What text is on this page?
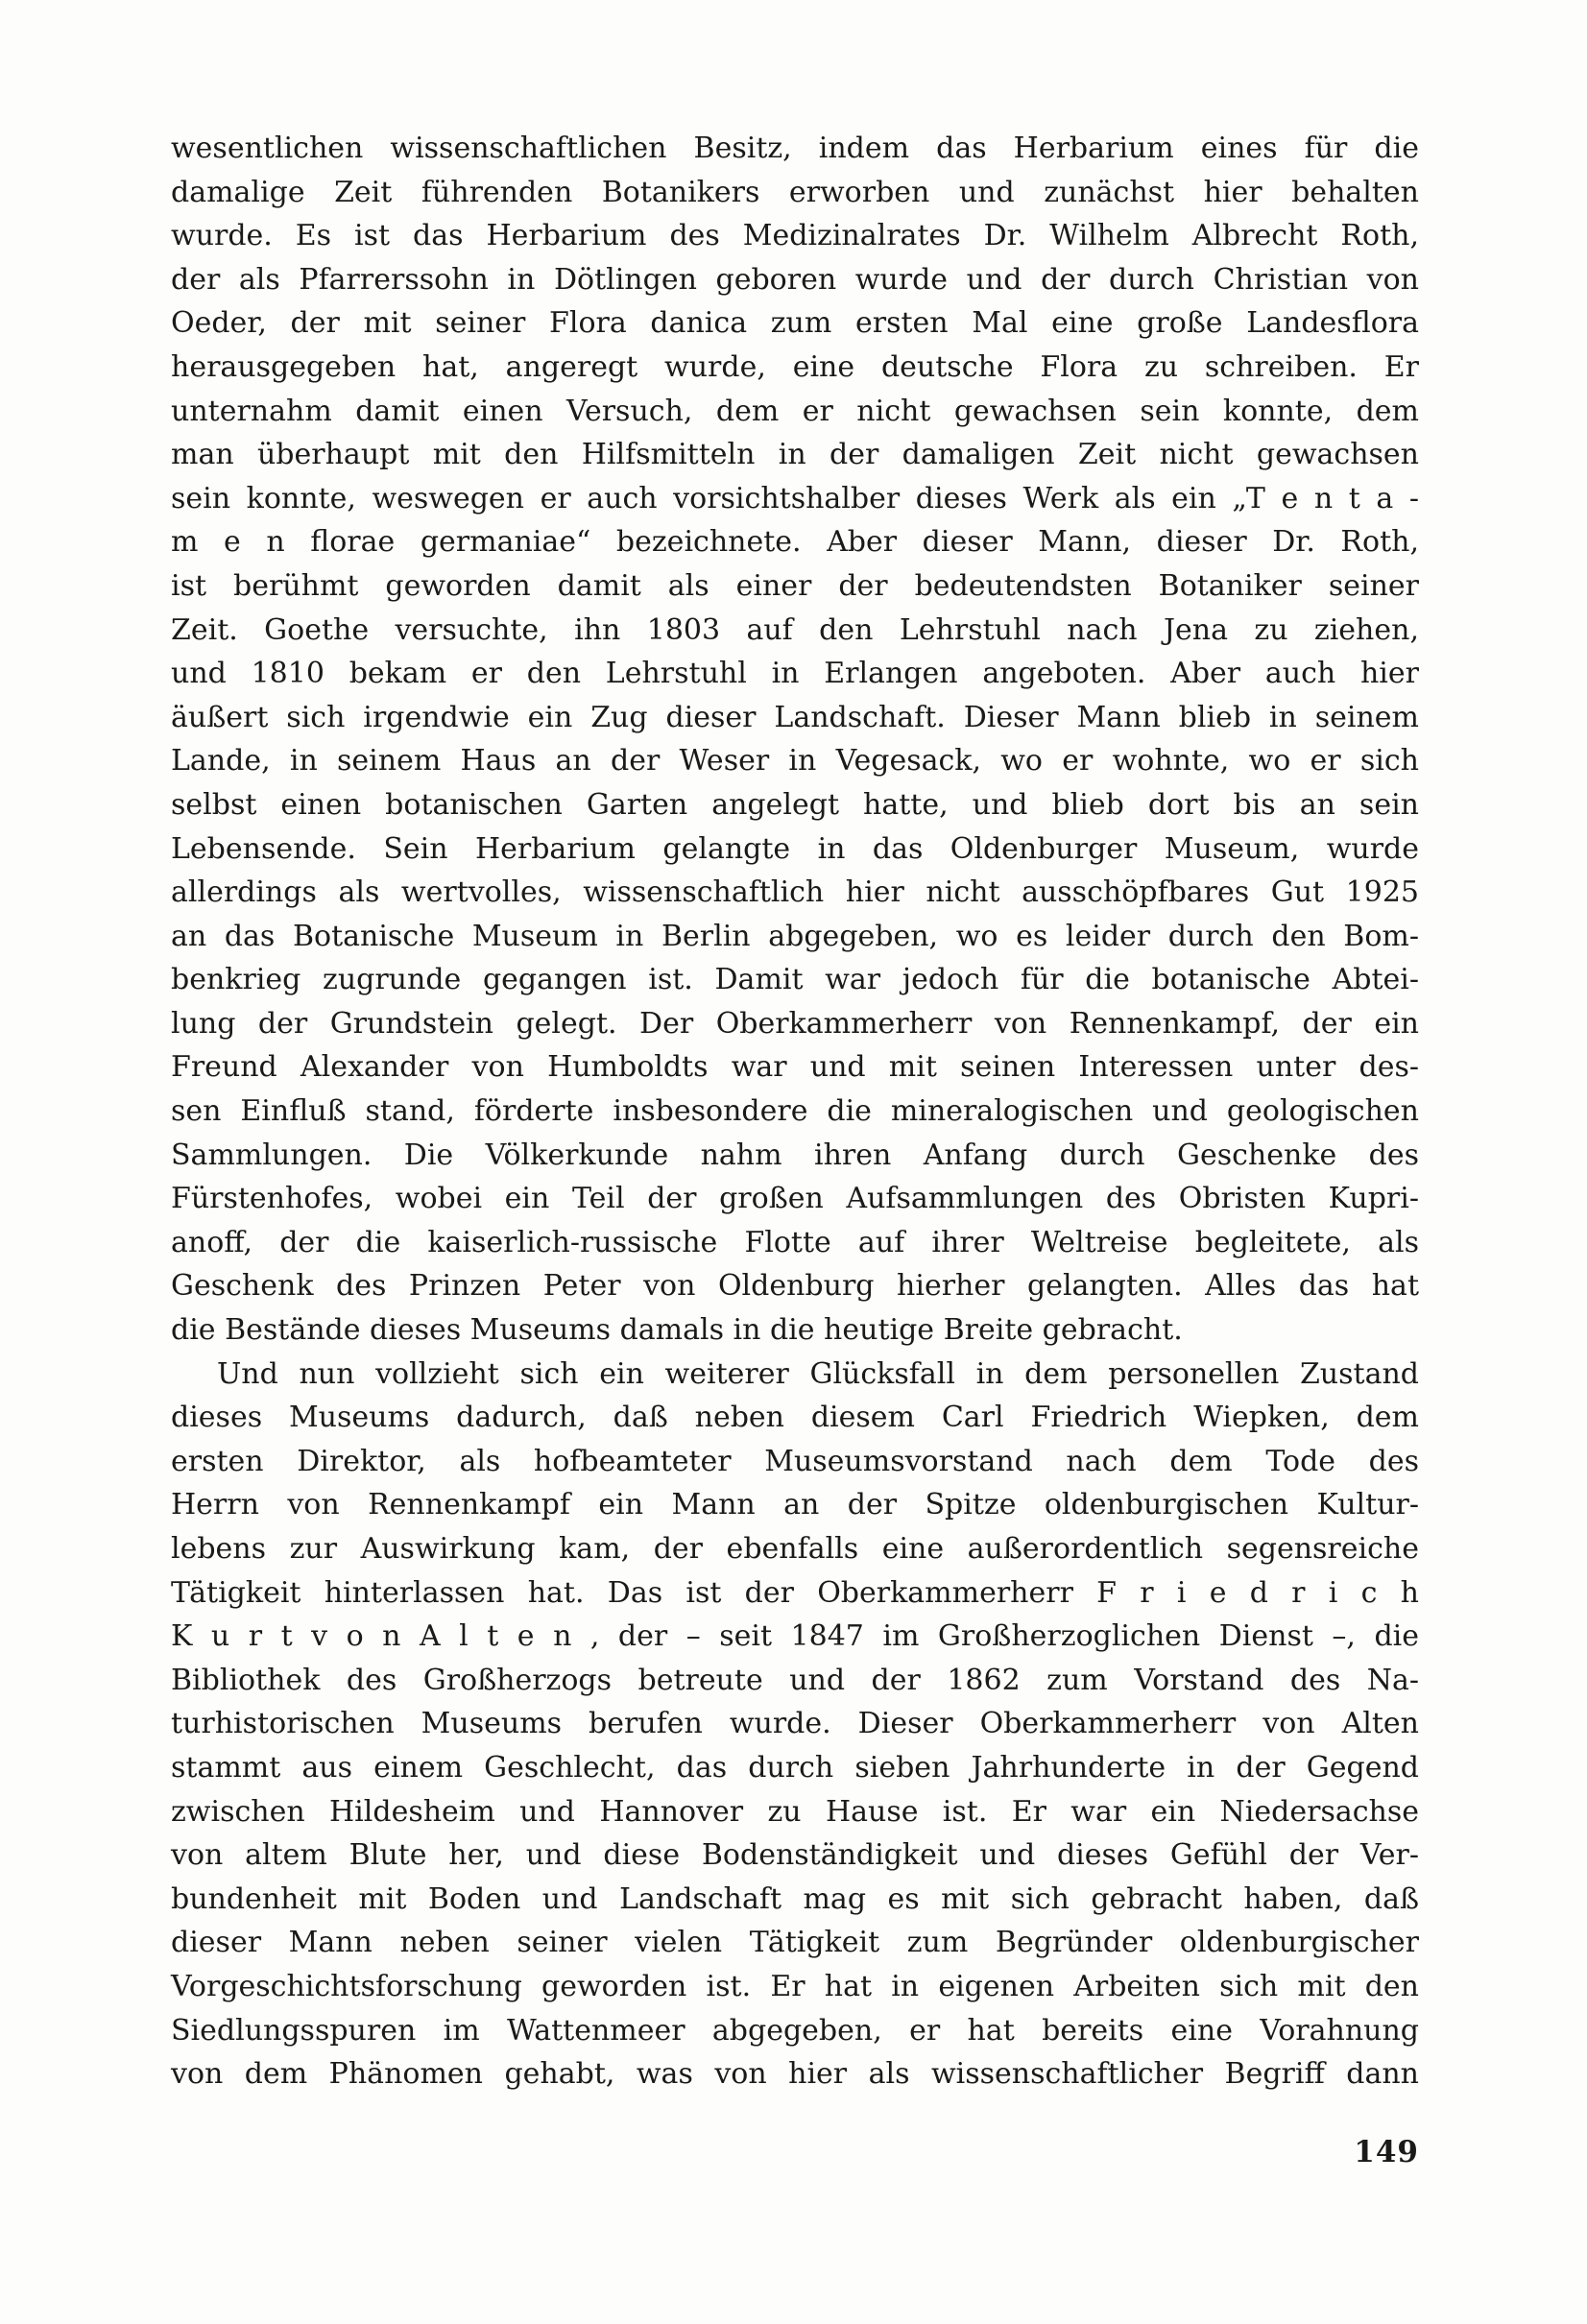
wesentlichen wissenschaftlichen Besitz, indem das Herbarium eines für die
damalige Zeit führenden Botanikers erworben und zunächst hier behalten
wurde. Es ist das Herbarium des Medizinalrates Dr. Wilhelm Albrecht Roth,
der als Pfarrerssohn in Dötlingen geboren wurde und der durch Christian von
Oeder, der mit seiner Flora danica zum ersten Mal eine große Landesflora
herausgegeben hat, angeregt wurde, eine deutsche Flora zu schreiben. Er
unternahm damit einen Versuch, dem er nicht gewachsen sein konnte, dem
man überhaupt mit den Hilfsmitteln in der damaligen Zeit nicht gewachsen
sein konnte, weswegen er auch vorsichtshalber dieses Werk als ein „T e n t a -
m e n florae germaniae“ bezeichnete. Aber dieser Mann, dieser Dr. Roth,
ist berühmt geworden damit als einer der bedeutendsten Botaniker seiner
Zeit. Goethe versuchte, ihn 1803 auf den Lehrstuhl nach Jena zu ziehen,
und 1810 bekam er den Lehrstuhl in Erlangen angeboten. Aber auch hier
äußert sich irgendwie ein Zug dieser Landschaft. Dieser Mann blieb in seinem
Lande, in seinem Haus an der Weser in Vegesack, wo er wohnte, wo er sich
selbst einen botanischen Garten angelegt hatte, und blieb dort bis an sein
Lebensende. Sein Herbarium gelangte in das Oldenburger Museum, wurde
allerdings als wertvolles, wissenschaftlich hier nicht ausschöpfbares Gut 1925
an das Botanische Museum in Berlin abgegeben, wo es leider durch den Bom-
benkrieg zugrunde gegangen ist. Damit war jedoch für die botanische Abtei-
lung der Grundstein gelegt. Der Oberkammerherr von Rennenkampf, der ein
Freund Alexander von Humboldts war und mit seinen Interessen unter des-
sen Einfluß stand, förderte insbesondere die mineralogischen und geologischen
Sammlungen. Die Völkerkunde nahm ihren Anfang durch Geschenke des
Fürstenhofes, wobei ein Teil der großen Aufsammlungen des Obristen Kupri-
anoff, der die kaiserlich-russische Flotte auf ihrer Weltreise begleitete, als
Geschenk des Prinzen Peter von Oldenburg hierher gelangten. Alles das hat
die Bestände dieses Museums damals in die heutige Breite gebracht.
Und nun vollzieht sich ein weiterer Glücksfall in dem personellen Zustand
dieses Museums dadurch, daß neben diesem Carl Friedrich Wiepken, dem
ersten Direktor, als hofbeamteter Museumsvorstand nach dem Tode des
Herrn von Rennenkampf ein Mann an der Spitze oldenburgischen Kultur-
lebens zur Auswirkung kam, der ebenfalls eine außerordentlich segensreiche
Tätigkeit hinterlassen hat. Das ist der Oberkammerherr F r i e d r i c h
K u r t v o n A l t e n , der – seit 1847 im Großherzoglichen Dienst –, die
Bibliothek des Großherzogs betreute und der 1862 zum Vorstand des Na-
turhistorischen Museums berufen wurde. Dieser Oberkammerherr von Alten
stammt aus einem Geschlecht, das durch sieben Jahrhunderte in der Gegend
zwischen Hildesheim und Hannover zu Hause ist. Er war ein Niedersachse
von altem Blute her, und diese Bodenständigkeit und dieses Gefühl der Ver-
bundenheit mit Boden und Landschaft mag es mit sich gebracht haben, daß
dieser Mann neben seiner vielen Tätigkeit zum Begründer oldenburgischer
Vorgeschichtsforschung geworden ist. Er hat in eigenen Arbeiten sich mit den
Siedlungsspuren im Wattenmeer abgegeben, er hat bereits eine Vorahnung
von dem Phänomen gehabt, was von hier als wissenschaftlicher Begriff dann
149
